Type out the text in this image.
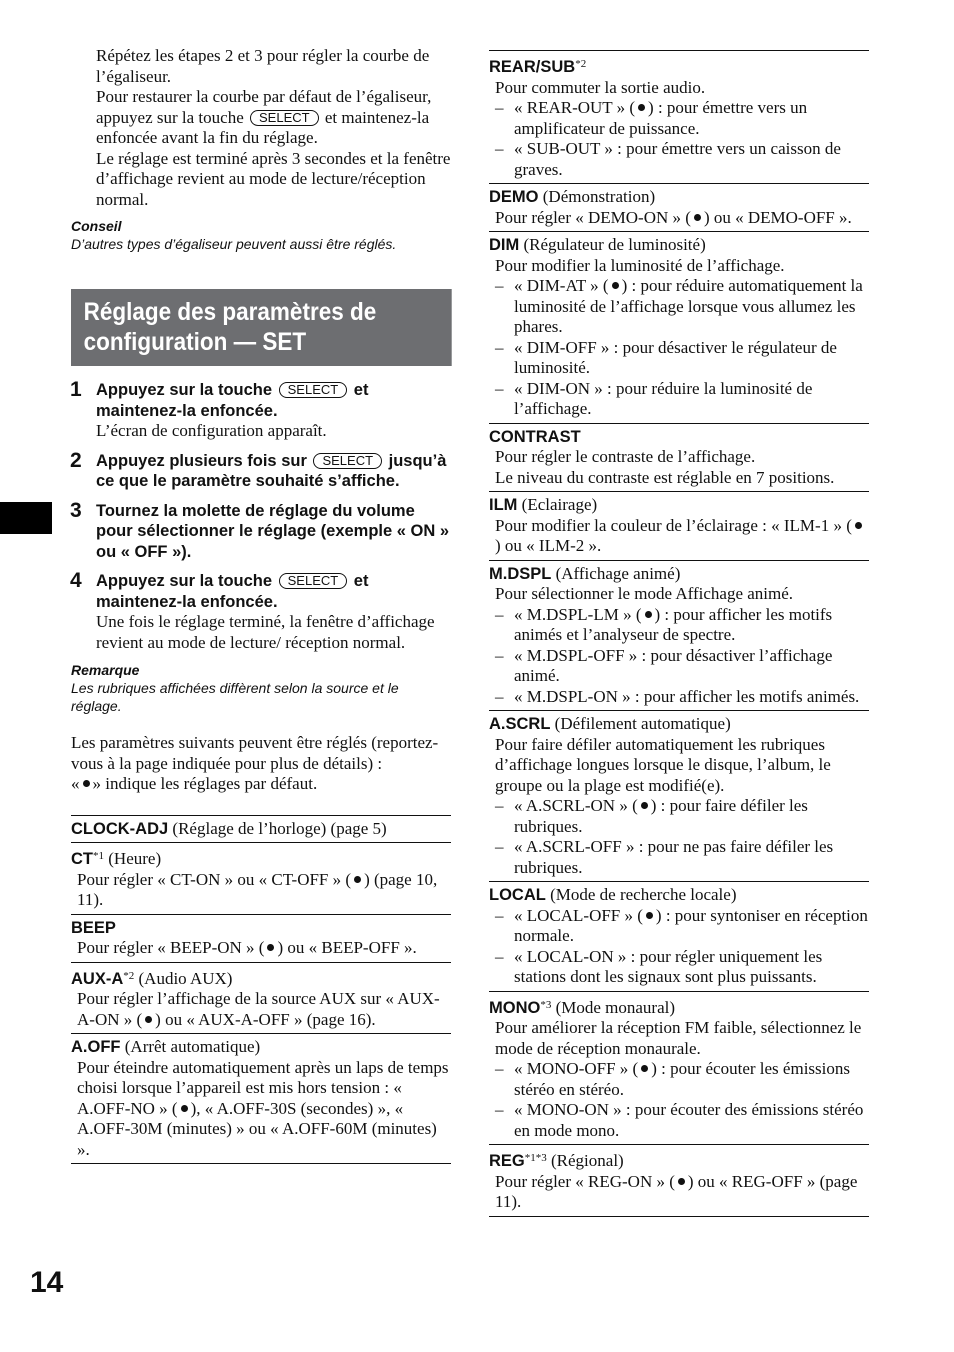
14

Répétez les étapes 2 et 3 pour régler la courbe de l’égaliseur.

Pour restaurer la courbe par défaut de l’égaliseur, appuyez sur la touche SELECT et maintenez-la enfoncée avant la fin du réglage.

Le réglage est terminé après 3 secondes et la fenêtre d’affichage revient au mode de lecture/réception normal.

Conseil
D’autres types d’égaliseur peuvent aussi être réglés.
Réglage des paramètres de
configuration — SET
1 Appuyez sur la touche SELECT et maintenez-la enfoncée.
L’écran de configuration apparaît.
2 Appuyez plusieurs fois sur SELECT jusqu’à ce que le paramètre souhaité s’affiche.
3 Tournez la molette de réglage du volume pour sélectionner le réglage (exemple « ON » ou « OFF »).
4 Appuyez sur la touche SELECT et maintenez-la enfoncée.
Une fois le réglage terminé, la fenêtre d’affichage revient au mode de lecture/ réception normal.
Remarque
Les rubriques affichées diffèrent selon la source et le réglage.

Les paramètres suivants peuvent être réglés (reportez-vous à la page indiquée pour plus de détails) :

« » indique les réglages par défaut.

CLOCK-ADJ (Réglage de l’horloge) (page 5)
CT$^{*1}$ (Heure)
Pour régler « CT-ON » ou « CT-OFF » ( ) (page 10, 11).
BEEP
Pour régler « BEEP-ON » ( ) ou « BEEP-OFF ».
AUX-$A^{*2}$ (Audio AUX)
Pour régler l’affichage de la source AUX sur « AUX-A-ON » ( ) ou « AUX-A-OFF » (page 16).
A.OFF (Arrêt automatique)
Pour éteindre automatiquement après un laps de temps choisi lorsque l’appareil est mis hors tension : « A.OFF-NO » ( ), « A.OFF-30S (secondes) », « A.OFF-30M (minutes) » ou « A.OFF-60M (minutes) ».
REAR/SUB$^{*2}$
Pour commuter la sortie audio.
– « REAR-OUT » ( ) : pour émettre vers un amplificateur de puissance.
– « SUB-OUT » : pour émettre vers un caisson de graves.
DEMO (Démonstration)
Pour régler « DEMO-ON » ( ) ou « DEMO-OFF ».
DIM (Régulateur de luminosité)
Pour modifier la luminosité de l’affichage.
– « DIM-AT » ( ) : pour réduire automatiquement la luminosité de l’affichage lorsque vous allumez les phares.
– « DIM-OFF » : pour désactiver le régulateur de luminosité.
– « DIM-ON » : pour réduire la luminosité de l’affichage.
CONTRAST
Pour régler le contraste de l’affichage.
Le niveau du contraste est réglable en 7 positions.
ILM (Eclairage)
Pour modifier la couleur de l’éclairage : « ILM-1 » () ou « ILM-2 ».
M.DSPL (Affichage animé)
Pour sélectionner le mode Affichage animé.
– « M.DSPL-LM » ( ) : pour afficher les motifs animés et l’analyseur de spectre.
– « M.DSPL-OFF » : pour désactiver l’affichage animé.
– « M.DSPL-ON » : pour afficher les motifs animés.
A.SCRL (Défilement automatique)
Pour faire défiler automatiquement les rubriques d’affichage longues lorsque le disque, l’album, le groupe ou la plage est modifié(e).
– « A.SCRL-ON » ( ) : pour faire défiler les rubriques.
– « A.SCRL-OFF » : pour ne pas faire défiler les rubriques.
LOCAL (Mode de recherche locale)
– « LOCAL-OFF » ( ) : pour syntoniser en réception normale.
– « LOCAL-ON » : pour régler uniquement les stations dont les signaux sont plus puissants.
MONO$^{*3}$ (Mode monaural)
Pour améliorer la réception FM faible, sélectionnez le mode de réception monaurale.
– « MONO-OFF » ( ) : pour écouter les émissions stéréo en stéréo.
– « MONO-ON » : pour écouter des émissions stéréo en mode mono.
$REG^{*1*3}$ (Régional)
Pour régler « REG-ON » ( ) ou « REG-OFF » (page 11).
